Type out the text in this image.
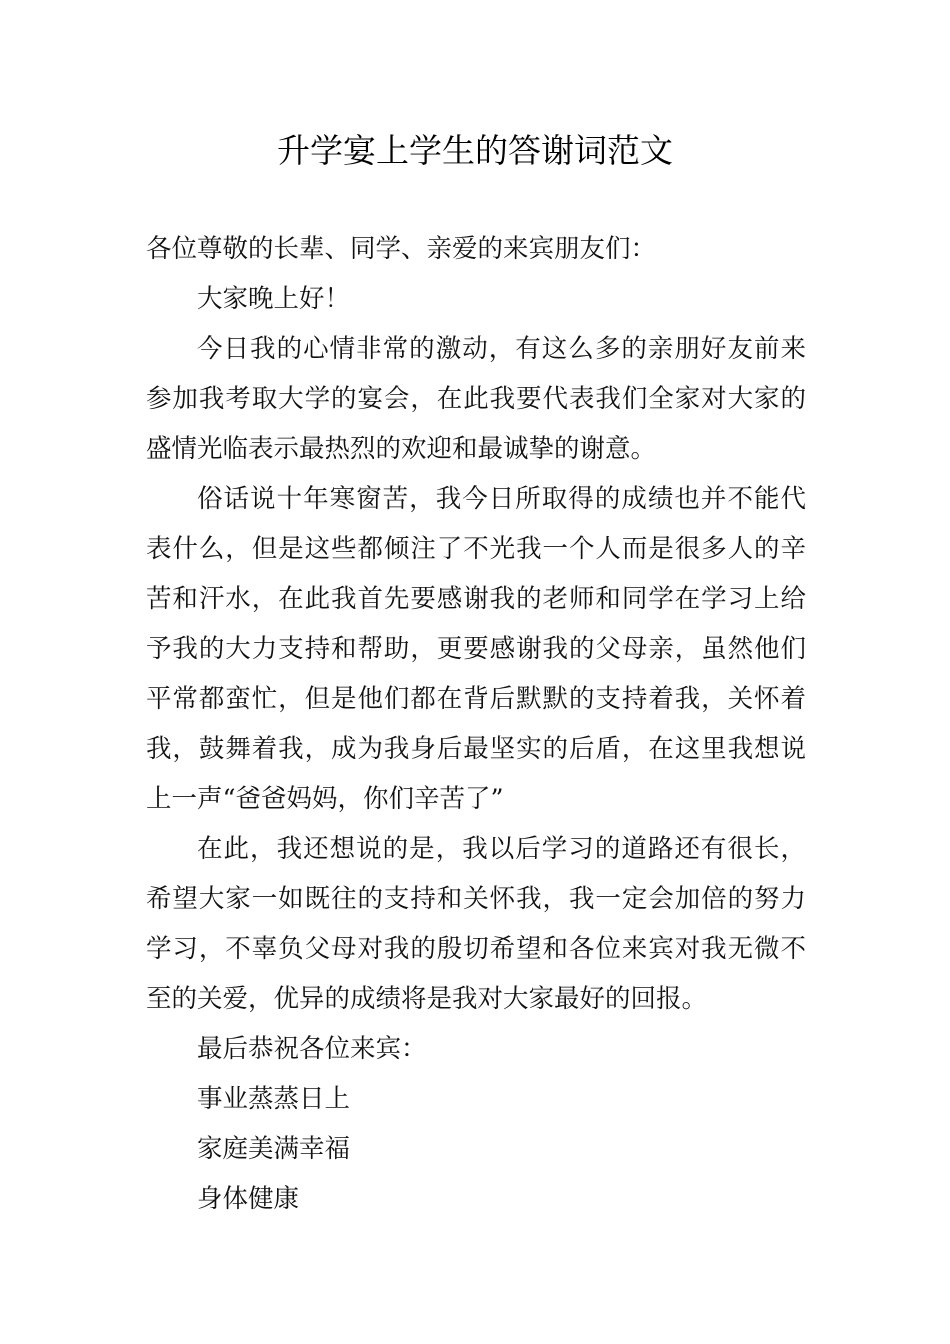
升学宴上学生的答谢词范文

各位尊敬的长辈、同学、亲爱的来宾朋友们：

大家晚上好！

今日我的心情非常的激动，有这么多的亲朋好友前来参加我考取大学的宴会，在此我要代表我们全家对大家的盛情光临表示最热烈的欢迎和最诚挚的谢意。

俗话说十年寒窗苦，我今日所取得的成绩也并不能代表什么，但是这些都倾注了不光我一个人而是很多人的辛苦和汗水，在此我首先要感谢我的老师和同学在学习上给予我的大力支持和帮助，更要感谢我的父母亲，虽然他们平常都蛮忙，但是他们都在背后默默的支持着我，关怀着我，鼓舞着我，成为我身后最坚实的后盾，在这里我想说上一声“爸爸妈妈，你们辛苦了”

在此，我还想说的是，我以后学习的道路还有很长，希望大家一如既往的支持和关怀我，我一定会加倍的努力学习，不辜负父母对我的殷切希望和各位来宾对我无微不至的关爱，优异的成绩将是我对大家最好的回报。

最后恭祝各位来宾：

事业蒸蒸日上

家庭美满幸福

身体健康
